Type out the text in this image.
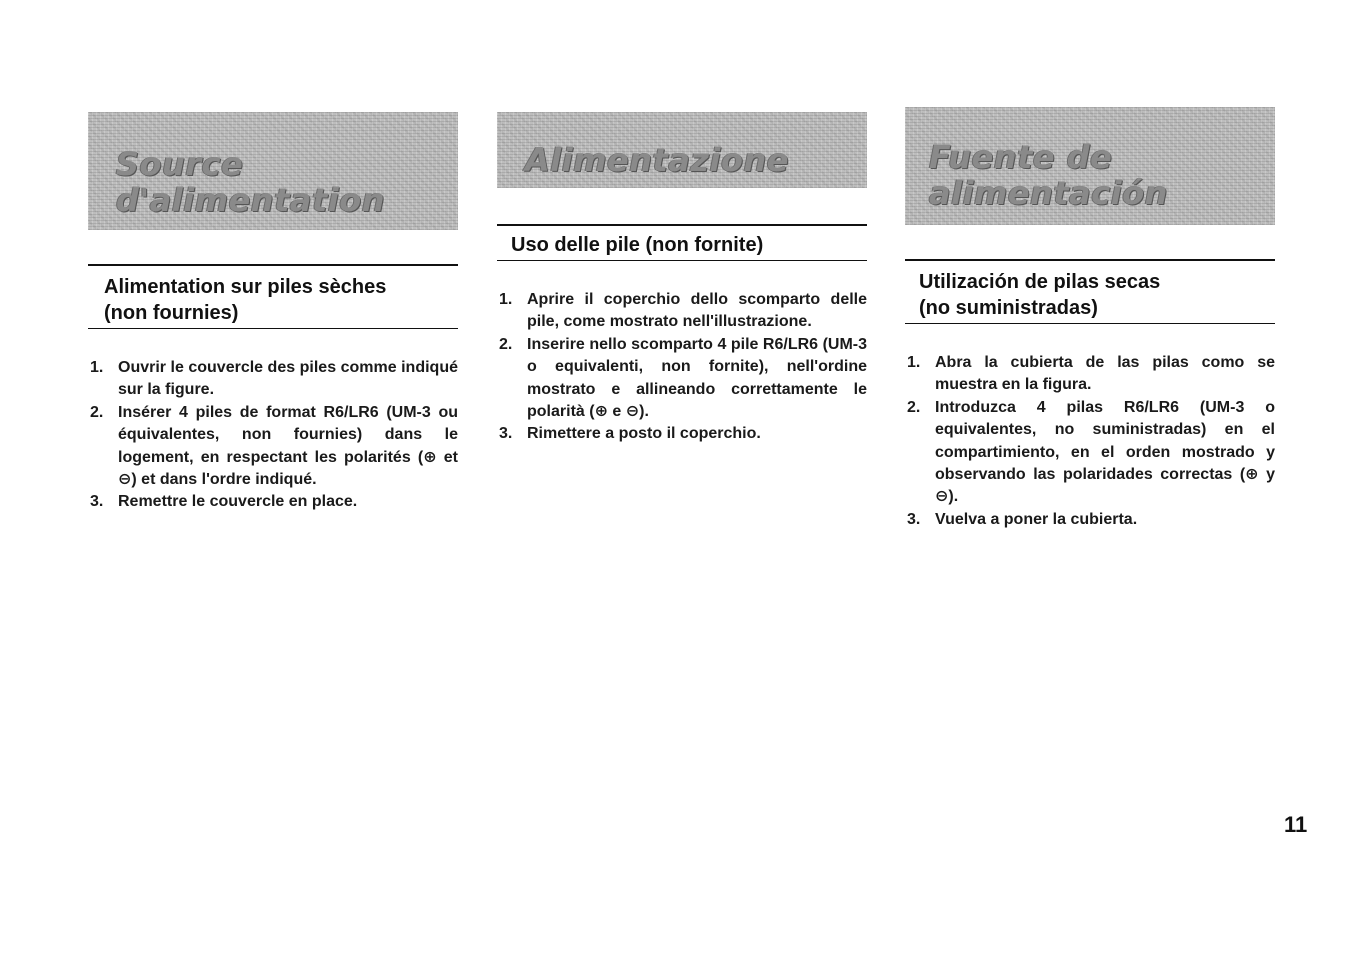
Source
d'alimentation
Alimentation sur piles sèches
(non fournies)
1. Ouvrir le couvercle des piles comme indiqué sur la figure.
2. Insérer 4 piles de format R6/LR6 (UM-3 ou équivalentes, non fournies) dans le logement, en respectant les polarités (⊕ et ⊖) et dans l'ordre indiqué.
3. Remettre le couvercle en place.
Alimentazione
Uso delle pile (non fornite)
1. Aprire il coperchio dello scomparto delle pile, come mostrato nell'illustrazione.
2. Inserire nello scomparto 4 pile R6/LR6 (UM-3 o equivalenti, non fornite), nell'ordine mostrato e allineando correttamente le polarità (⊕ e ⊖).
3. Rimettere a posto il coperchio.
Fuente de
alimentación
Utilización de pilas secas
(no suministradas)
1. Abra la cubierta de las pilas como se muestra en la figura.
2. Introduzca 4 pilas R6/LR6 (UM-3 o equivalentes, no suministradas) en el compartimiento, en el orden mostrado y observando las polaridades correctas (⊕ y ⊖).
3. Vuelva a poner la cubierta.
11
